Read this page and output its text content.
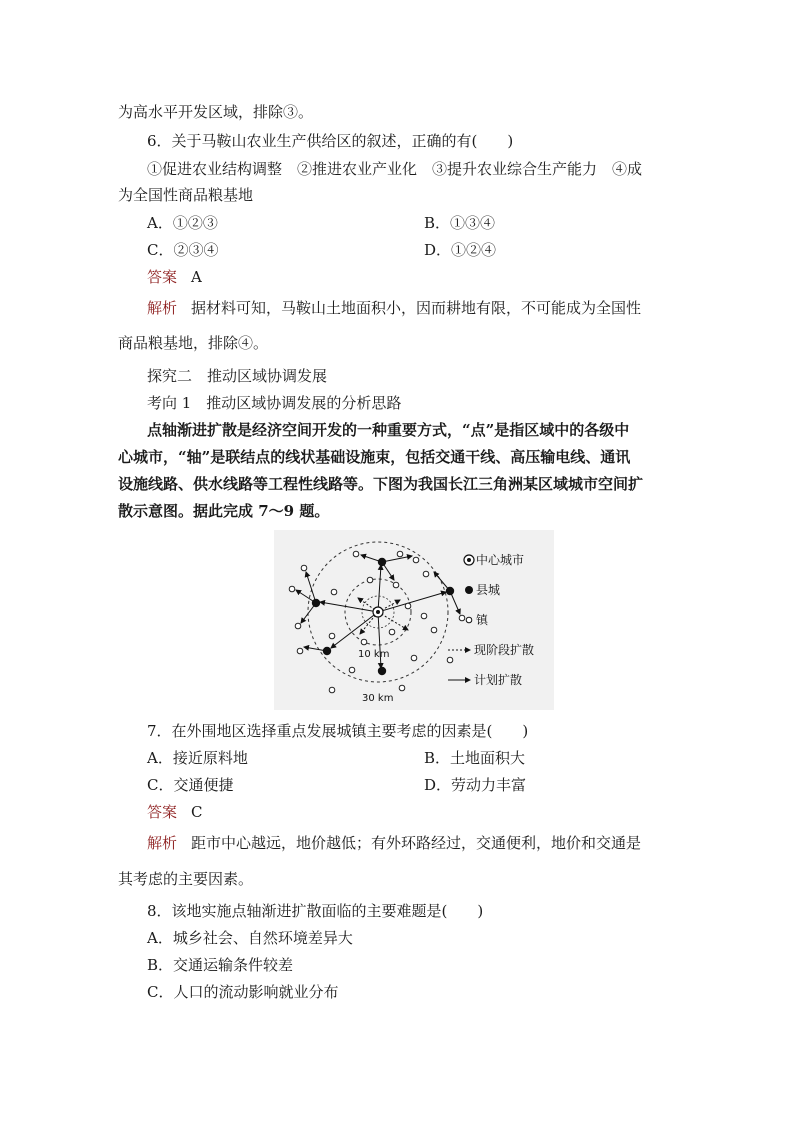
为高水平开发区域，排除③。
6．关于马鞍山农业生产供给区的叙述，正确的有(　　)
①促进农业结构调整　②推进农业产业化　③提升农业综合生产能力　④成
为全国性商品粮基地
A．①②③	B．①③④
C．②③④	D．①②④
答案 A
解析 据材料可知，马鞍山土地面积小，因而耕地有限，不可能成为全国性
商品粮基地，排除④。
探究二　推动区域协调发展
考向 1　推动区域协调发展的分析思路
点轴渐进扩散是经济空间开发的一种重要方式，“点”是指区域中的各级中
心城市，“轴”是联结点的线状基础设施束，包括交通干线、高压输电线、通讯
设施线路、供水线路等工程性线路等。下图为我国长江三角洲某区域城市空间扩
散示意图。据此完成 7～9 题。
10 km
30 km
中心城市
县城
镇
现阶段扩散
计划扩散
7．在外围地区选择重点发展城镇主要考虑的因素是(　　)
A．接近原料地	B．土地面积大
C．交通便捷	D．劳动力丰富
答案 C
解析 距市中心越远，地价越低；有外环路经过，交通便利，地价和交通是
其考虑的主要因素。
8．该地实施点轴渐进扩散面临的主要难题是(　　)
A．城乡社会、自然环境差异大
B．交通运输条件较差
C．人口的流动影响就业分布
